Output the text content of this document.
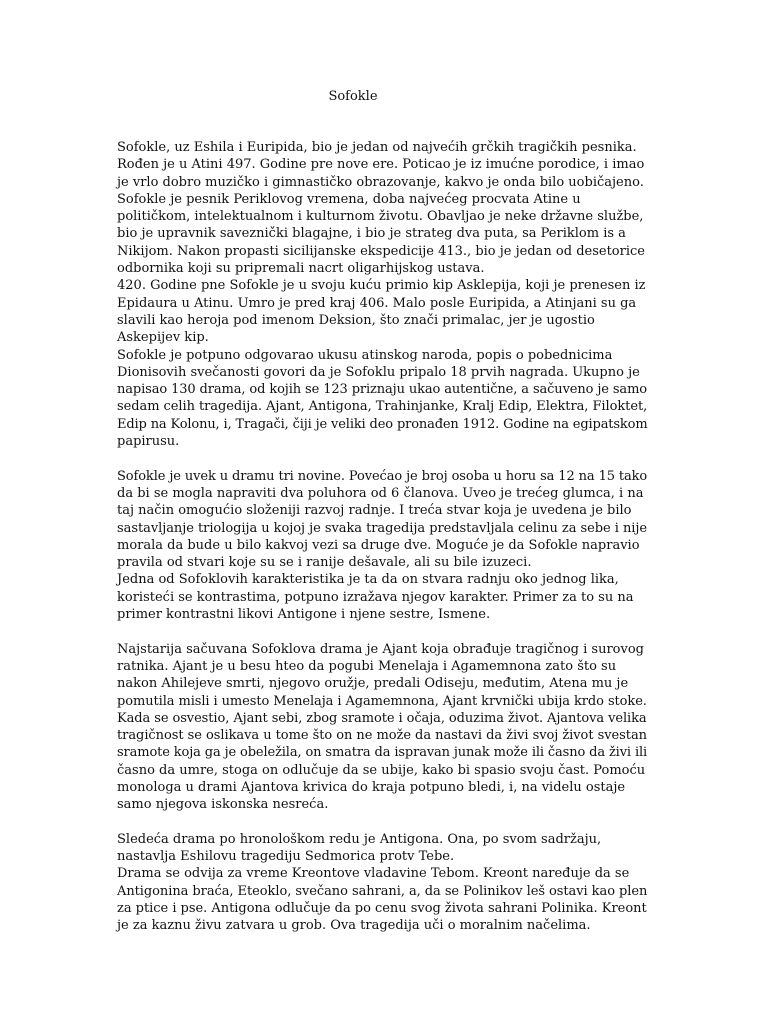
Sofokle
Sofokle, uz Eshila i Euripida, bio je jedan od najvećih grčkih tragičkih pesnika.
Rođen je u Atini 497. Godine pre nove ere. Poticao je iz imućne porodice, i imao
je vrlo dobro muzičko i gimnastičko obrazovanje, kakvo je onda bilo uobičajeno.
Sofokle je pesnik Periklovog vremena, doba najvećeg procvata Atine u
političkom, intelektualnom i kulturnom životu. Obavljao je neke državne službe,
bio je upravnik saveznički blagajne, i bio je strateg dva puta, sa Periklom is a
Nikijom. Nakon propasti sicilijanske ekspedicije 413., bio je jedan od desetorice
odbornika koji su pripremali nacrt oligarhijskog ustava.
420. Godine pne Sofokle je u svoju kuću primio kip Asklepija, koji je prenesen iz
Epidaura u Atinu. Umro je pred kraj 406. Malo posle Euripida, a Atinjani su ga
slavili kao heroja pod imenom Deksion, što znači primalac, jer je ugostio
Askepijev kip.
Sofokle je potpuno odgovarao ukusu atinskog naroda, popis o pobednicima
Dionisovih svečanosti govori da je Sofoklu pripalo 18 prvih nagrada. Ukupno je
napisao 130 drama, od kojih se 123 priznaju ukao autentične, a sačuveno je samo
sedam celih tragedija. Ajant, Antigona, Trahinjanke, Kralj Edip, Elektra, Filoktet,
Edip na Kolonu, i, Tragači, čiji je veliki deo pronađen 1912. Godine na egipatskom
papirusu.
Sofokle je uvek u dramu tri novine. Povećao je broj osoba u horu sa 12 na 15 tako
da bi se mogla napraviti dva poluhora od 6 članova. Uveo je trećeg glumca, i na
taj način omogućio složeniji razvoj radnje. I treća stvar koja je uvedena je bilo
sastavljanje triologija u kojoj je svaka tragedija predstavljala celinu za sebe i nije
morala da bude u bilo kakvoj vezi sa druge dve. Moguće je da Sofokle napravio
pravila od stvari koje su se i ranije dešavale, ali su bile izuzeci.
Jedna od Sofoklovih karakteristika je ta da on stvara radnju oko jednog lika,
koristeći se kontrastima, potpuno izražava njegov karakter. Primer za to su na
primer kontrastni likovi Antigone i njene sestre, Ismene.
Najstarija sačuvana Sofoklova drama je Ajant koja obrađuje tragičnog i surovog
ratnika. Ajant je u besu hteo da pogubi Menelaja i Agamemnona zato što su
nakon Ahilejeve smrti, njegovo oružje, predali Odiseju, međutim, Atena mu je
pomutila misli i umesto Menelaja i Agamemnona, Ajant krvnički ubija krdo stoke.
Kada se osvestio, Ajant sebi, zbog sramote i očaja, oduzima život. Ajantova velika
tragičnost se oslikava u tome što on ne može da nastavi da živi svoj život svestan
sramote koja ga je obeležila, on smatra da ispravan junak može ili časno da živi ili
časno da umre, stoga on odlučuje da se ubije, kako bi spasio svoju čast. Pomoću
monologa u drami Ajantova krivica do kraja potpuno bledi, i, na videlu ostaje
samo njegova iskonska nesreća.
Sledeća drama po hronološkom redu je Antigona. Ona, po svom sadržaju,
nastavlja Eshilovu tragediju Sedmorica protv Tebe.
Drama se odvija za vreme Kreontove vladavine Tebom. Kreont naređuje da se
Antigonina braća, Eteoklo, svečano sahrani, a, da se Polinikov leš ostavi kao plen
za ptice i pse. Antigona odlučuje da po cenu svog života sahrani Polinika. Kreont
je za kaznu živu zatvara u grob. Ova tragedija uči o moralnim načelima.
